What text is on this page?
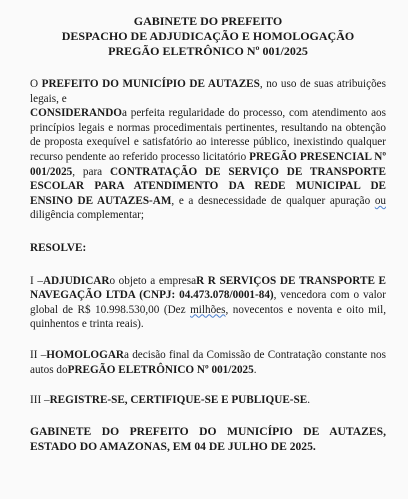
GABINETE DO PREFEITO
DESPACHO DE ADJUDICAÇÃO E HOMOLOGAÇÃO
PREGÃO ELETRÔNICO Nº 001/2025

O PREFEITO DO MUNICÍPIO DE AUTAZES, no uso de suas atribuições legais, e

CONSIDERANDOa perfeita regularidade do processo, com atendimento aos princípios legais e normas procedimentais pertinentes, resultando na obtenção de proposta exequível e satisfatório ao interesse público, inexistindo qualquer recurso pendente ao referido processo licitatório PREGÃO PRESENCIAL Nº 001/2025, para CONTRATAÇÃO DE SERVIÇO DE TRANSPORTE ESCOLAR PARA ATENDIMENTO DA REDE MUNICIPAL DE ENSINO DE AUTAZES-AM, e a desnecessidade de qualquer apuração ou diligência complementar;

RESOLVE:

I –ADJUDICARo objeto a empresaR R SERVIÇOS DE TRANSPORTE E NAVEGAÇÃO LTDA (CNPJ: 04.473.078/0001-84), vencedora com o valor global de R$ 10.998.530,00 (Dez milhões, novecentos e noventa e oito mil, quinhentos e trinta reais).

II –HOMOLOGARa decisão final da Comissão de Contratação constante nos autos doPREGÃO ELETRÔNICO Nº 001/2025.

III –REGISTRE-SE, CERTIFIQUE-SE E PUBLIQUE-SE.

GABINETE DO PREFEITO DO MUNICÍPIO DE AUTAZES, ESTADO DO AMAZONAS, EM 04 DE JULHO DE 2025.
